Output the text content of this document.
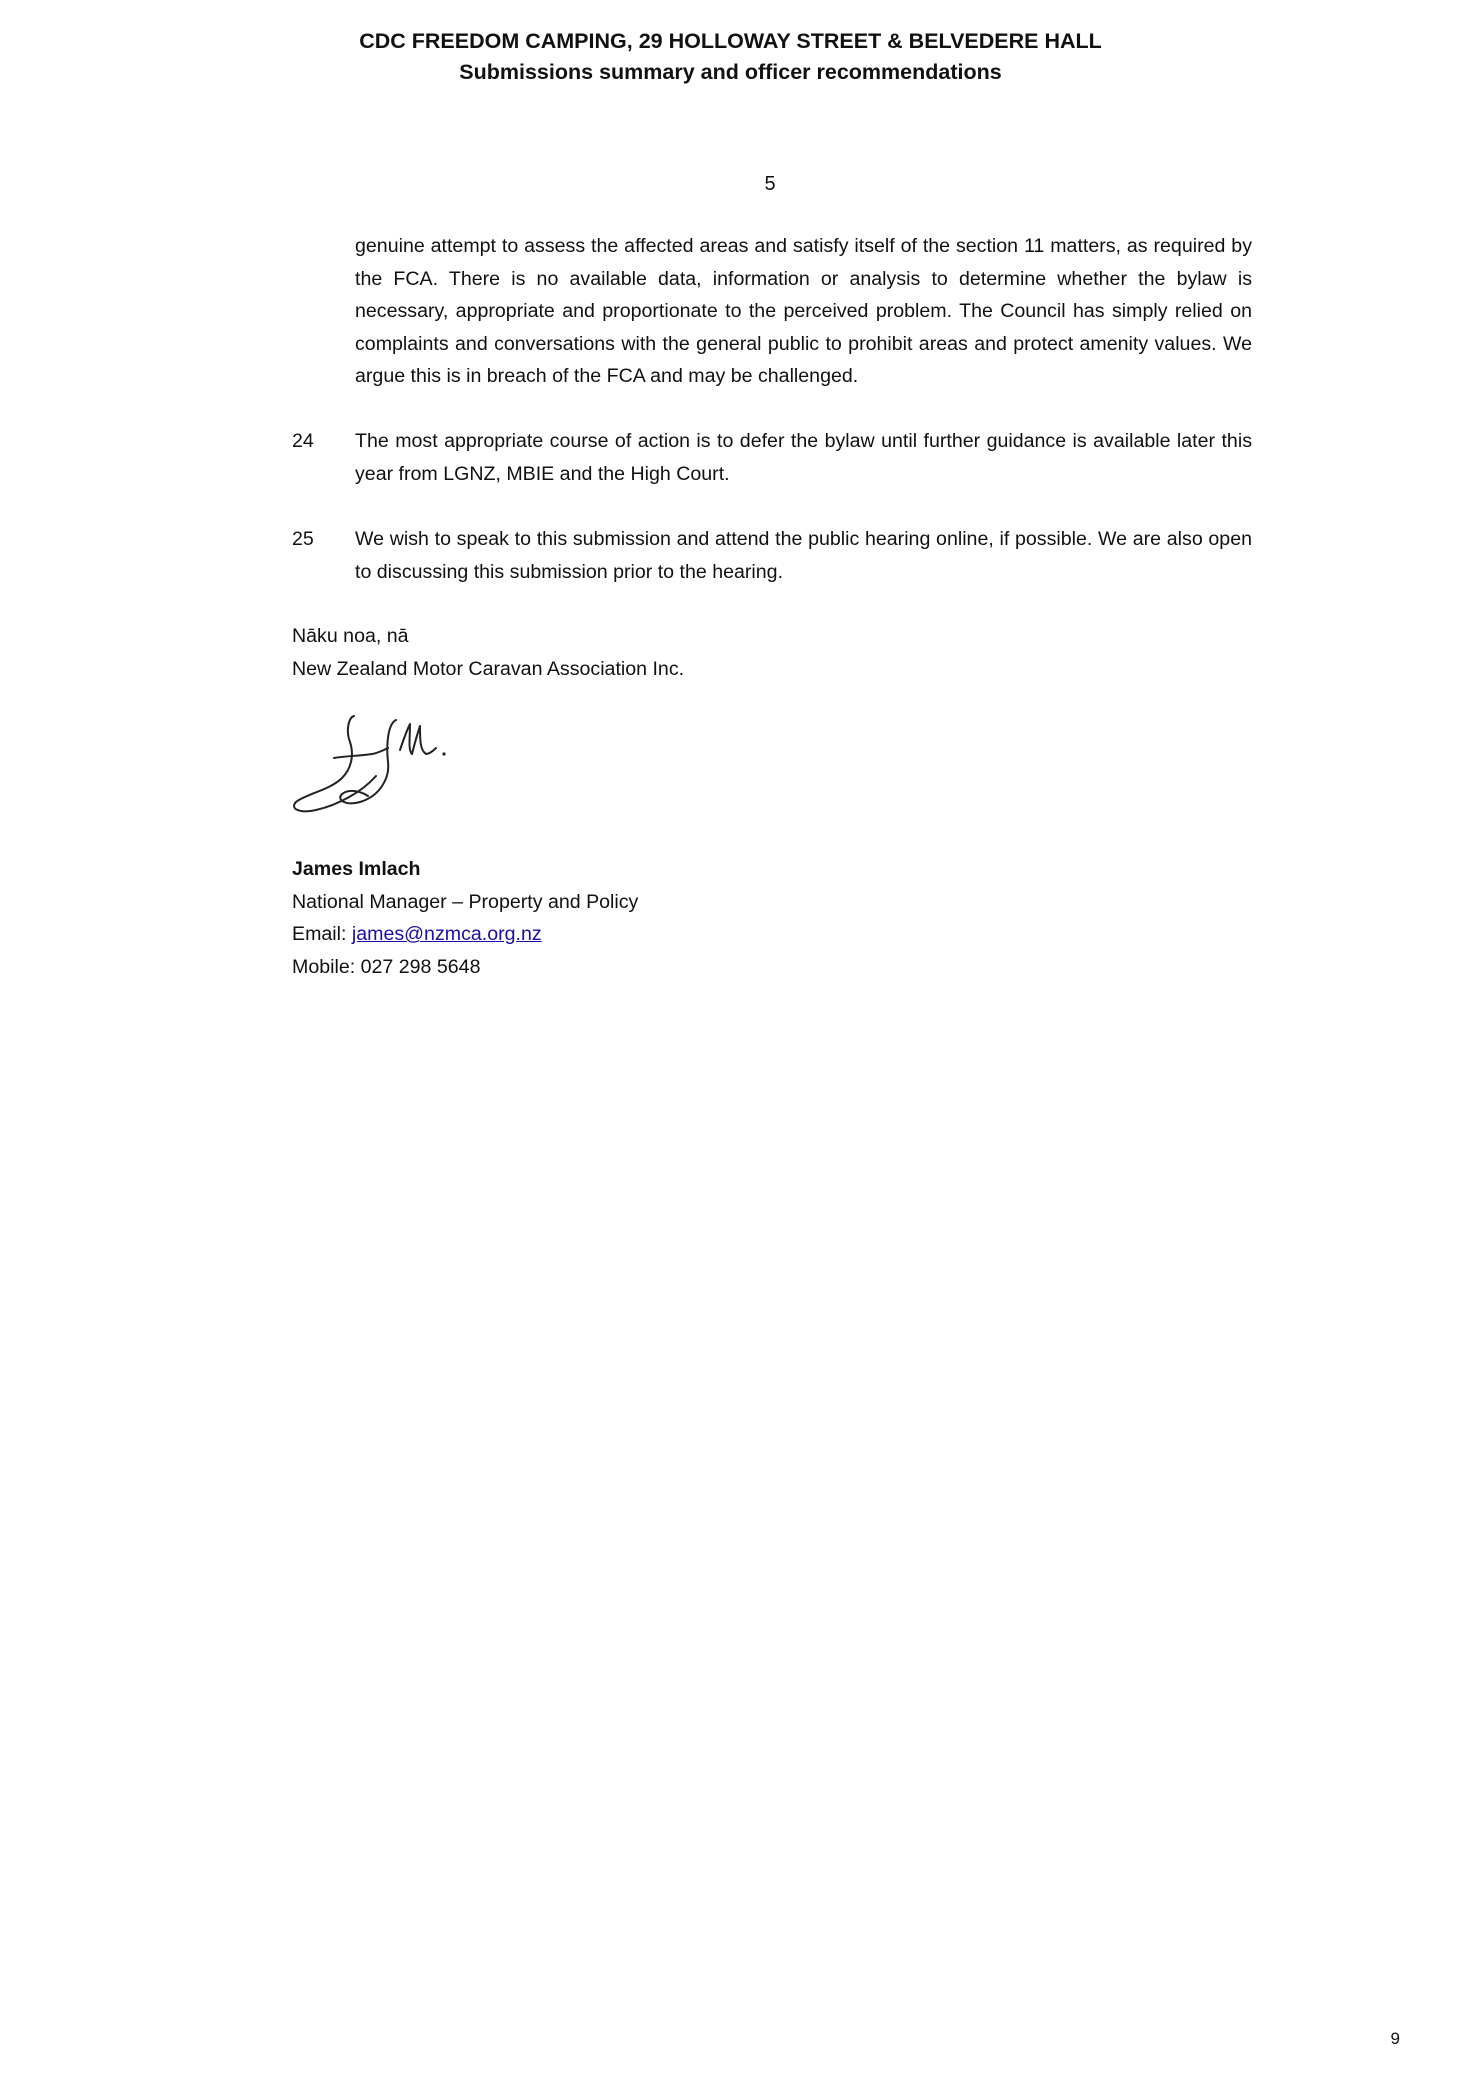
CDC FREEDOM CAMPING, 29 HOLLOWAY STREET & BELVEDERE HALL
Submissions summary and officer recommendations
5
genuine attempt to assess the affected areas and satisfy itself of the section 11 matters, as required by the FCA. There is no available data, information or analysis to determine whether the bylaw is necessary, appropriate and proportionate to the perceived problem. The Council has simply relied on complaints and conversations with the general public to prohibit areas and protect amenity values. We argue this is in breach of the FCA and may be challenged.
24	The most appropriate course of action is to defer the bylaw until further guidance is available later this year from LGNZ, MBIE and the High Court.
25	We wish to speak to this submission and attend the public hearing online, if possible. We are also open to discussing this submission prior to the hearing.
Nāku noa, nā
New Zealand Motor Caravan Association Inc.
James Imlach
National Manager – Property and Policy
Email: james@nzmca.org.nz
Mobile: 027 298 5648
9
